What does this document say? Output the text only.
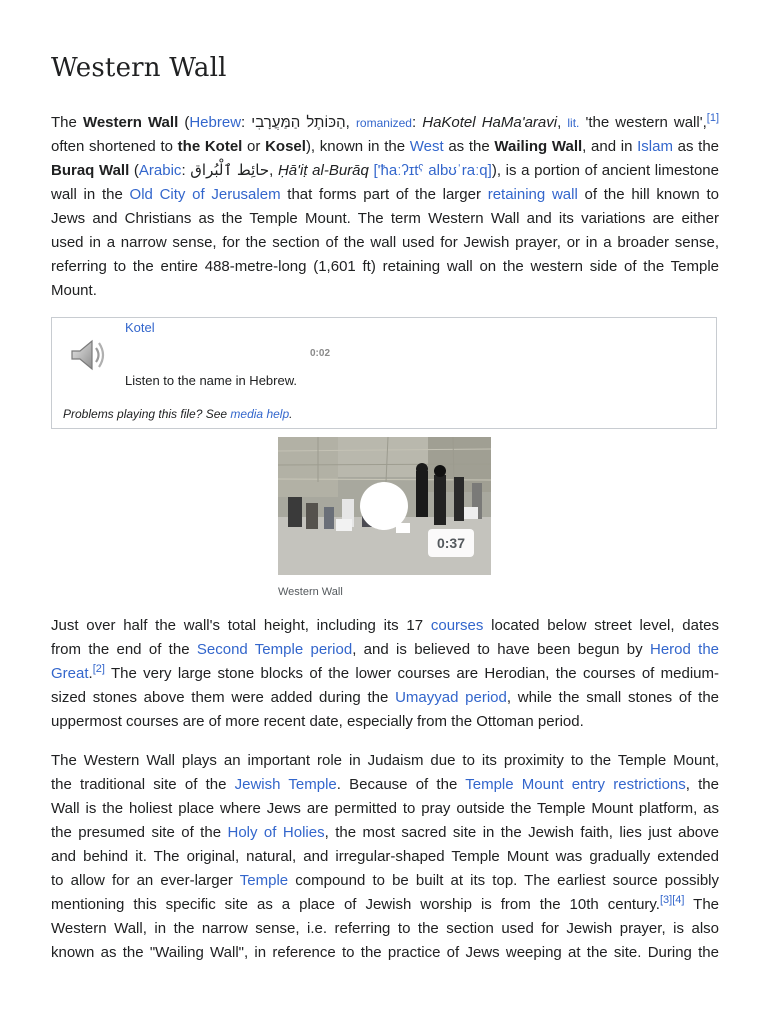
Western Wall
The Western Wall (Hebrew: הַכּוֹתֶל הַמַּעֲרָבִי, romanized: HaKotel HaMa'aravi, lit. 'the western wall',[1]
often shortened to the Kotel or Kosel), known in the West as the Wailing Wall, and in Islam as the
Buraq Wall (Arabic: حائِط ٱلْبُراق, Ḥā'iṭ al-Burāq ['ħaːʔɪtˤ albʊˈraːq]), is a portion of ancient limestone
wall in the Old City of Jerusalem that forms part of the larger retaining wall of the hill known to
Jews and Christians as the Temple Mount. The term Western Wall and its variations are either
used in a narrow sense, for the section of the wall used for Jewish prayer, or in a broader sense,
referring to the entire 488-metre-long (1,601 ft) retaining wall on the western side of the Temple
Mount.
Kotel
0:02
Listen to the name in Hebrew.
Problems playing this file? See media help.
0:37
Western Wall
Just over half the wall's total height, including its 17 courses located below street level, dates
from the end of the Second Temple period, and is believed to have been begun by Herod the
Great.[2] The very large stone blocks of the lower courses are Herodian, the courses of medium-
sized stones above them were added during the Umayyad period, while the small stones of the
uppermost courses are of more recent date, especially from the Ottoman period.
The Western Wall plays an important role in Judaism due to its proximity to the Temple Mount,
the traditional site of the Jewish Temple. Because of the Temple Mount entry restrictions, the
Wall is the holiest place where Jews are permitted to pray outside the Temple Mount platform, as
the presumed site of the Holy of Holies, the most sacred site in the Jewish faith, lies just above
and behind it. The original, natural, and irregular-shaped Temple Mount was gradually extended
to allow for an ever-larger Temple compound to be built at its top. The earliest source possibly
mentioning this specific site as a place of Jewish worship is from the 10th century.[3][4] The
Western Wall, in the narrow sense, i.e. referring to the section used for Jewish prayer, is also
known as the "Wailing Wall", in reference to the practice of Jews weeping at the site. During the
